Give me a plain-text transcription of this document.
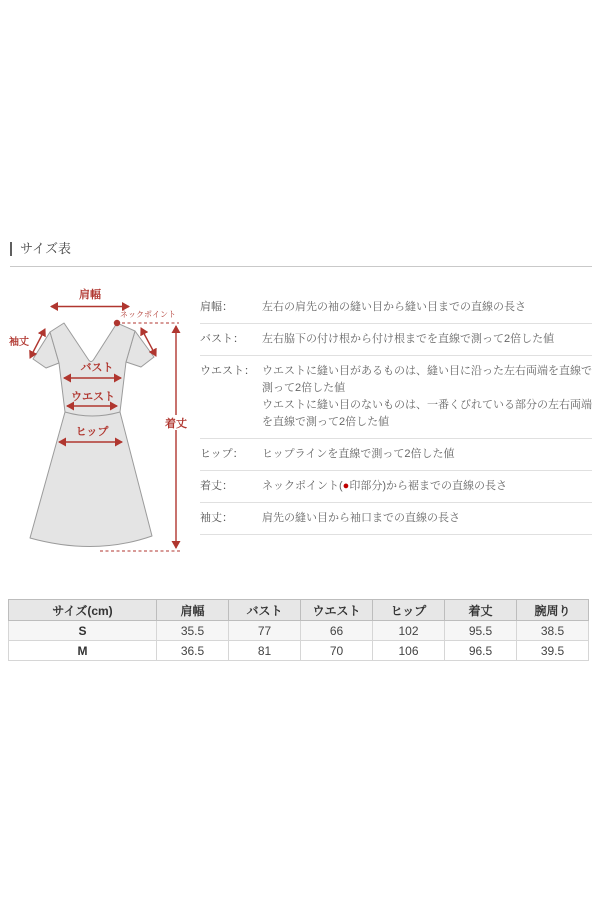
サイズ表
肩幅
ネックポイント
着丈
袖丈
バスト
ウエスト
ヒップ
肩幅：	左右の肩先の袖の縫い目から縫い目までの直線の長さ
バスト：	左右脇下の付け根から付け根までを直線で測って2倍した値
ウエスト： ウエストに縫い目があるものは、縫い目に沿った左右両端を直線で
測って2倍した値
ウエストに縫い目のないものは、一番くびれている部分の左右両端
を直線で測って2倍した値
ヒップ：	ヒップラインを直線で測って2倍した値
着丈：	ネックポイント(●印部分)から裾までの直線の長さ
袖丈：	肩先の縫い目から袖口までの直線の長さ
サイズ(cm)	肩幅	バスト	ウエスト	ヒップ	着丈	腕周り
S	35.5	77	66	102	95.5	38.5
M	36.5	81	70	106	96.5	39.5
